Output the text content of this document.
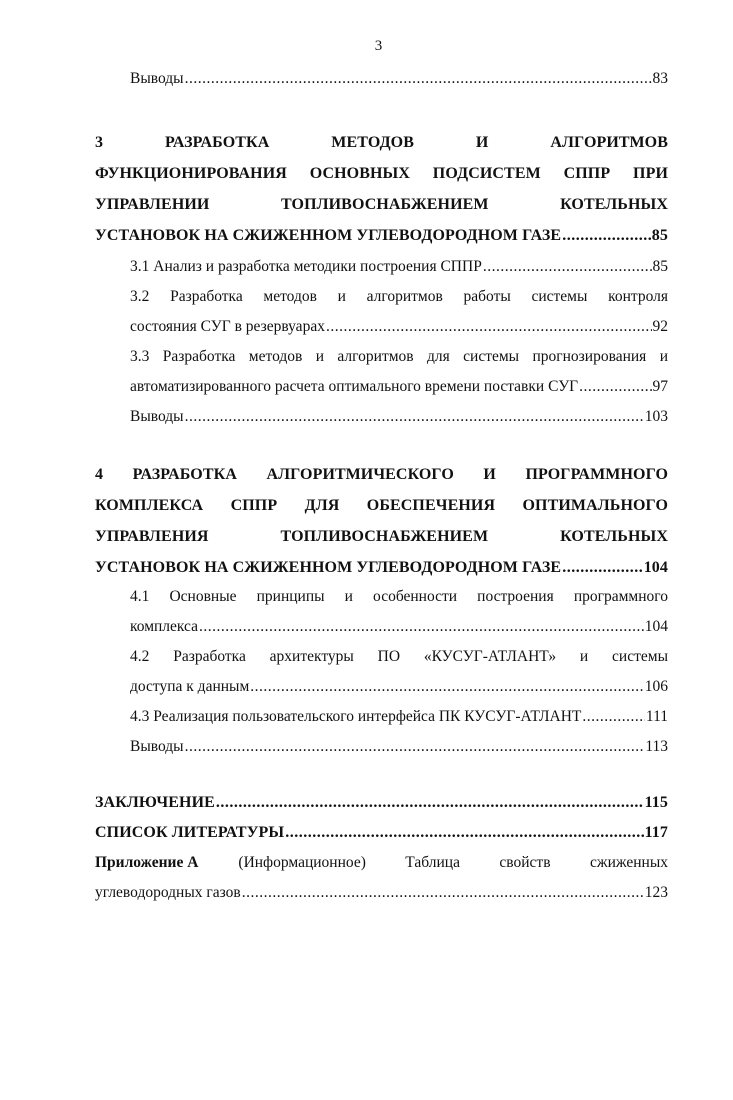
3
Выводы .....	83
3 РАЗРАБОТКА МЕТОДОВ И АЛГОРИТМОВ
ФУНКЦИОНИРОВАНИЯ ОСНОВНЫХ ПОДСИСТЕМ СППР ПРИ
УПРАВЛЕНИИ ТОПЛИВОСНАБЖЕНИЕМ КОТЕЛЬНЫХ
УСТАНОВОК НА СЖИЖЕННОМ УГЛЕВОДОРОДНОМ ГАЗЕ .....	85
3.1 Анализ и разработка методики построения СППР .....	85
3.2 Разработка методов и алгоритмов работы системы контроля
состояния СУГ в резервуарах .....	92
3.3 Разработка методов и алгоритмов для системы прогнозирования и
автоматизированного расчета оптимального времени поставки СУГ .....	97
Выводы .....	103
4 РАЗРАБОТКА АЛГОРИТМИЧЕСКОГО И ПРОГРАММНОГО
КОМПЛЕКСА СППР ДЛЯ ОБЕСПЕЧЕНИЯ ОПТИМАЛЬНОГО
УПРАВЛЕНИЯ ТОПЛИВОСНАБЖЕНИЕМ КОТЕЛЬНЫХ
УСТАНОВОК НА СЖИЖЕННОМ УГЛЕВОДОРОДНОМ ГАЗЕ .....	104
4.1 Основные принципы и особенности построения программного
комплекса .....	104
4.2 Разработка архитектуры ПО «КУСУГ-АТЛАНТ» и системы
доступа к данным .....	106
4.3 Реализация пользовательского интерфейса ПК КУСУГ-АТЛАНТ .....	111
Выводы .....	113
ЗАКЛЮЧЕНИЕ .....	115
СПИСОК ЛИТЕРАТУРЫ .....	117
Приложение А	(Информационное) Таблица свойств сжиженных
углеводородных газов .....	123
